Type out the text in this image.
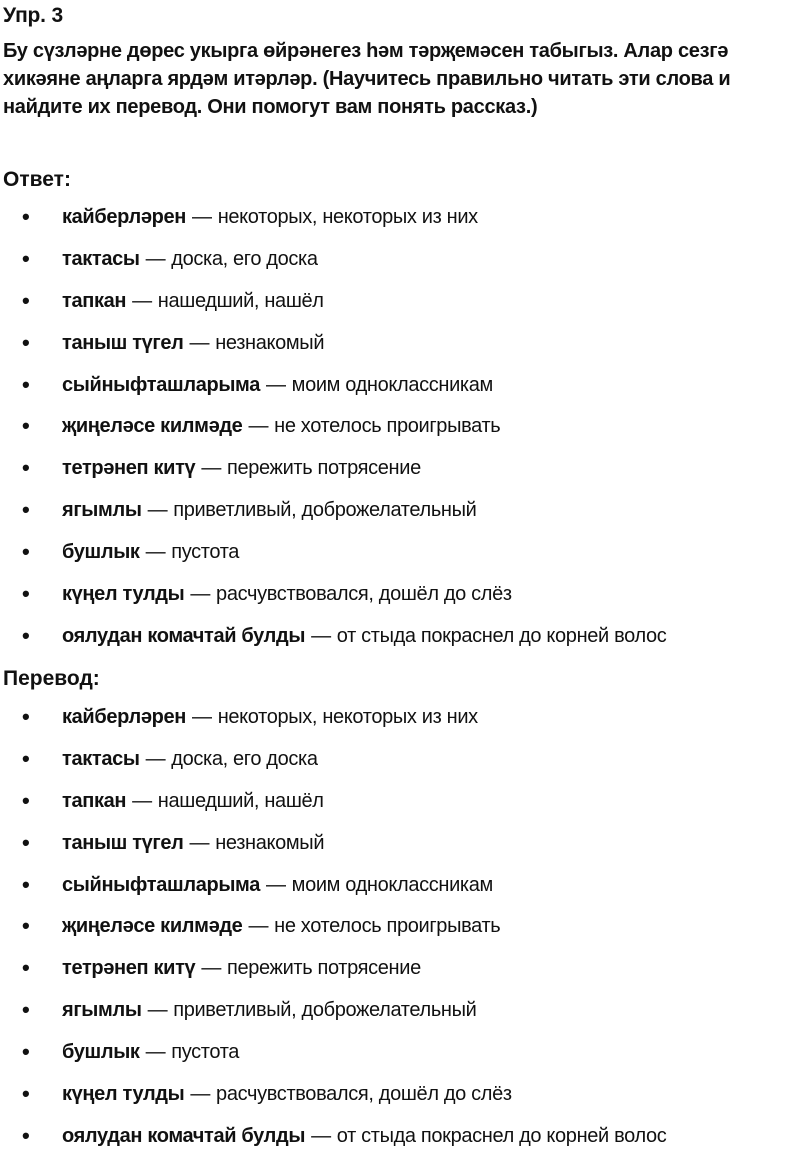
Упр. 3

Бу сүзләрне дөрес укырга өйрәнегез һәм тәрҗемәсен табыгыз. Алар сезгә хикәяне аңларга ярдәм итәрләр. (Научитесь правильно читать эти слова и найдите их перевод. Они помогут вам понять рассказ.)

Ответ:
• кайберләрен — некоторых, некоторых из них
• тактасы — доска, его доска
• тапкан — нашедший, нашёл
• таныш түгел — незнакомый
• сыйныфташларыма — моим одноклассникам
• җиңеләсе килмәде — не хотелось проигрывать
• тетрәнеп китү — пережить потрясение
• ягымлы — приветливый, доброжелательный
• бушлык — пустота
• күңел тулды — расчувствовался, дошёл до слёз
• оялудан комачтай булды — от стыда покраснел до корней волос
Перевод:
• кайберләрен — некоторых, некоторых из них
• тактасы — доска, его доска
• тапкан — нашедший, нашёл
• таныш түгел — незнакомый
• сыйныфташларыма — моим одноклассникам
• җиңеләсе килмәде — не хотелось проигрывать
• тетрәнеп китү — пережить потрясение
• ягымлы — приветливый, доброжелательный
• бушлык — пустота
• күңел тулды — расчувствовался, дошёл до слёз
• оялудан комачтай булды — от стыда покраснел до корней волос
